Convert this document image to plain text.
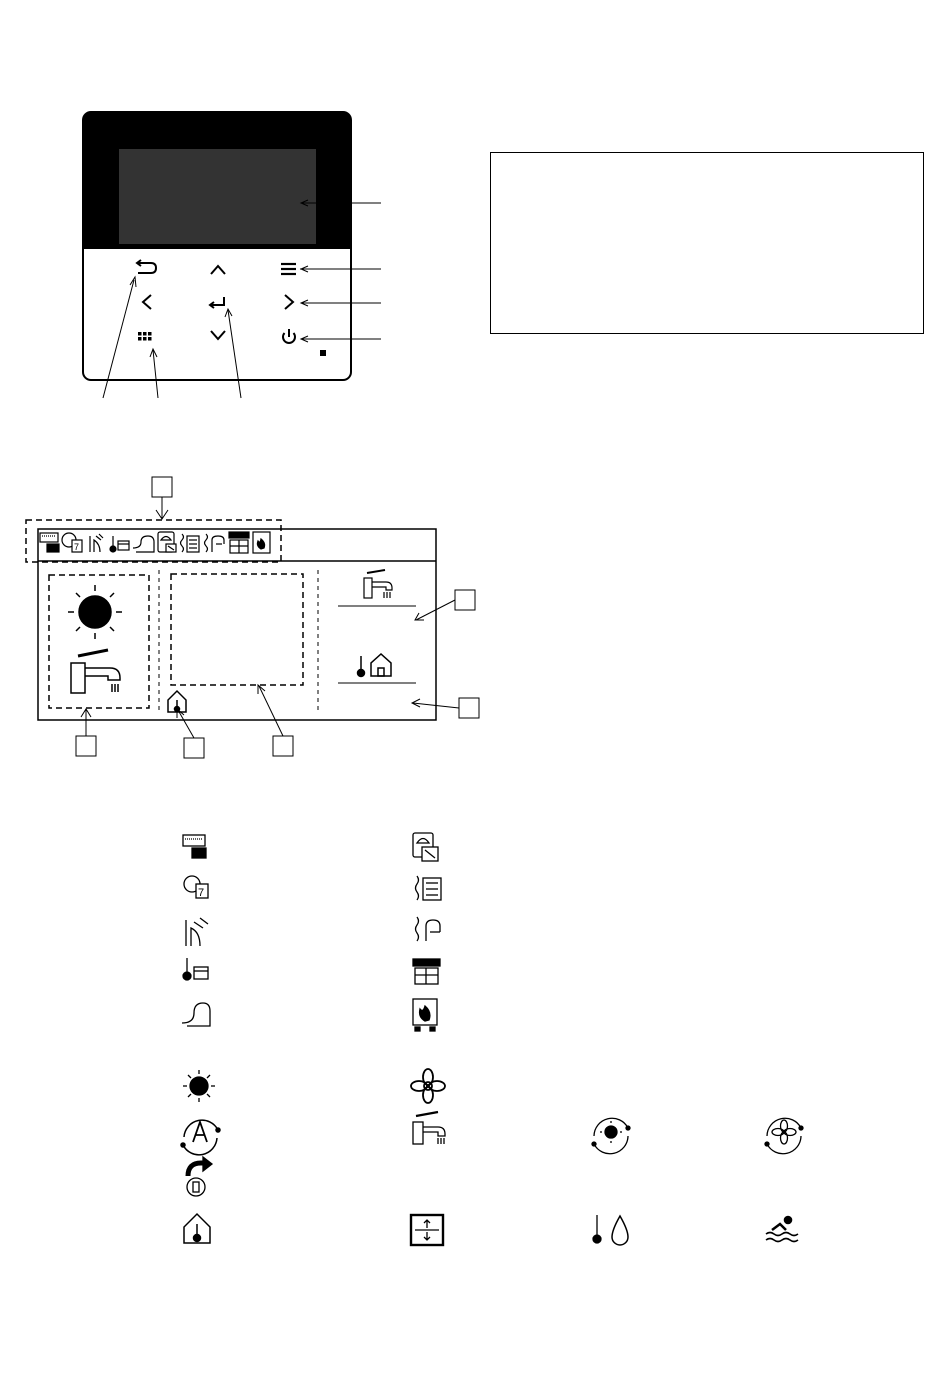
7
7
